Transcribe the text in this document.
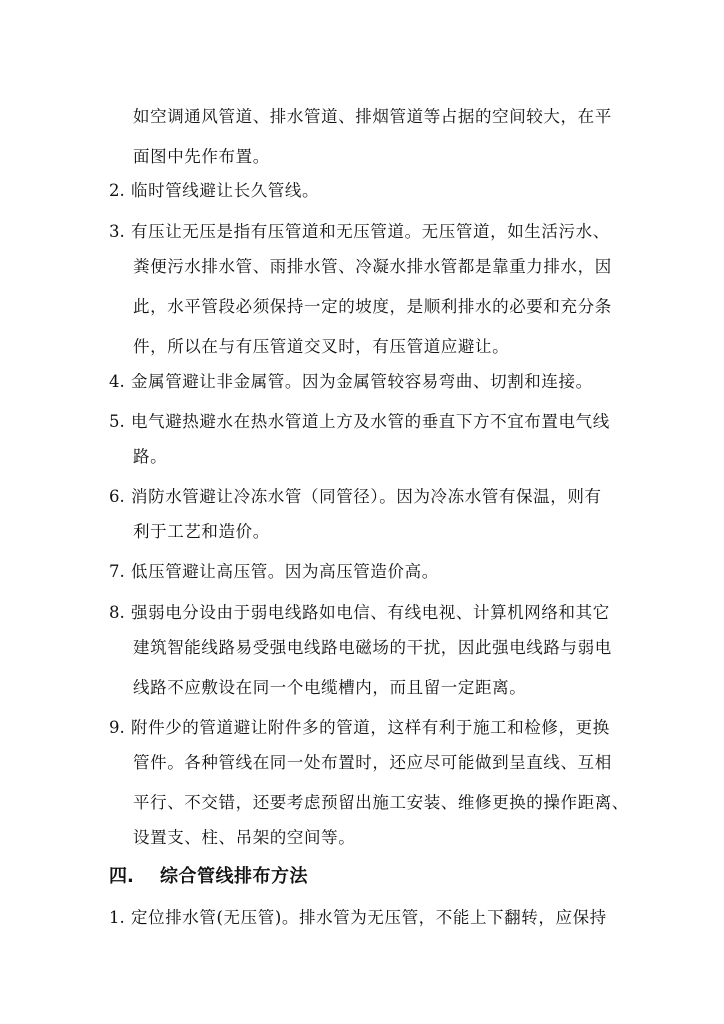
如空调通风管道、排水管道、排烟管道等占据的空间较大，在平
面图中先作布置。
2. 临时管线避让长久管线。
3. 有压让无压是指有压管道和无压管道。无压管道，如生活污水、
粪便污水排水管、雨排水管、冷凝水排水管都是靠重力排水，因
此，水平管段必须保持一定的坡度，是顺利排水的必要和充分条
件，所以在与有压管道交叉时，有压管道应避让。
4. 金属管避让非金属管。因为金属管较容易弯曲、切割和连接。
5. 电气避热避水在热水管道上方及水管的垂直下方不宜布置电气线
路。
6. 消防水管避让冷冻水管（同管径）。因为冷冻水管有保温，则有
利于工艺和造价。
7. 低压管避让高压管。因为高压管造价高。
8. 强弱电分设由于弱电线路如电信、有线电视、计算机网络和其它
建筑智能线路易受强电线路电磁场的干扰，因此强电线路与弱电
线路不应敷设在同一个电缆槽内，而且留一定距离。
9. 附件少的管道避让附件多的管道，这样有利于施工和检修，更换
管件。各种管线在同一处布置时，还应尽可能做到呈直线、互相
平行、不交错，还要考虑预留出施工安装、维修更换的操作距离、
设置支、柱、吊架的空间等。
四. 综合管线排布方法
1. 定位排水管(无压管)。排水管为无压管，不能上下翻转，应保持
